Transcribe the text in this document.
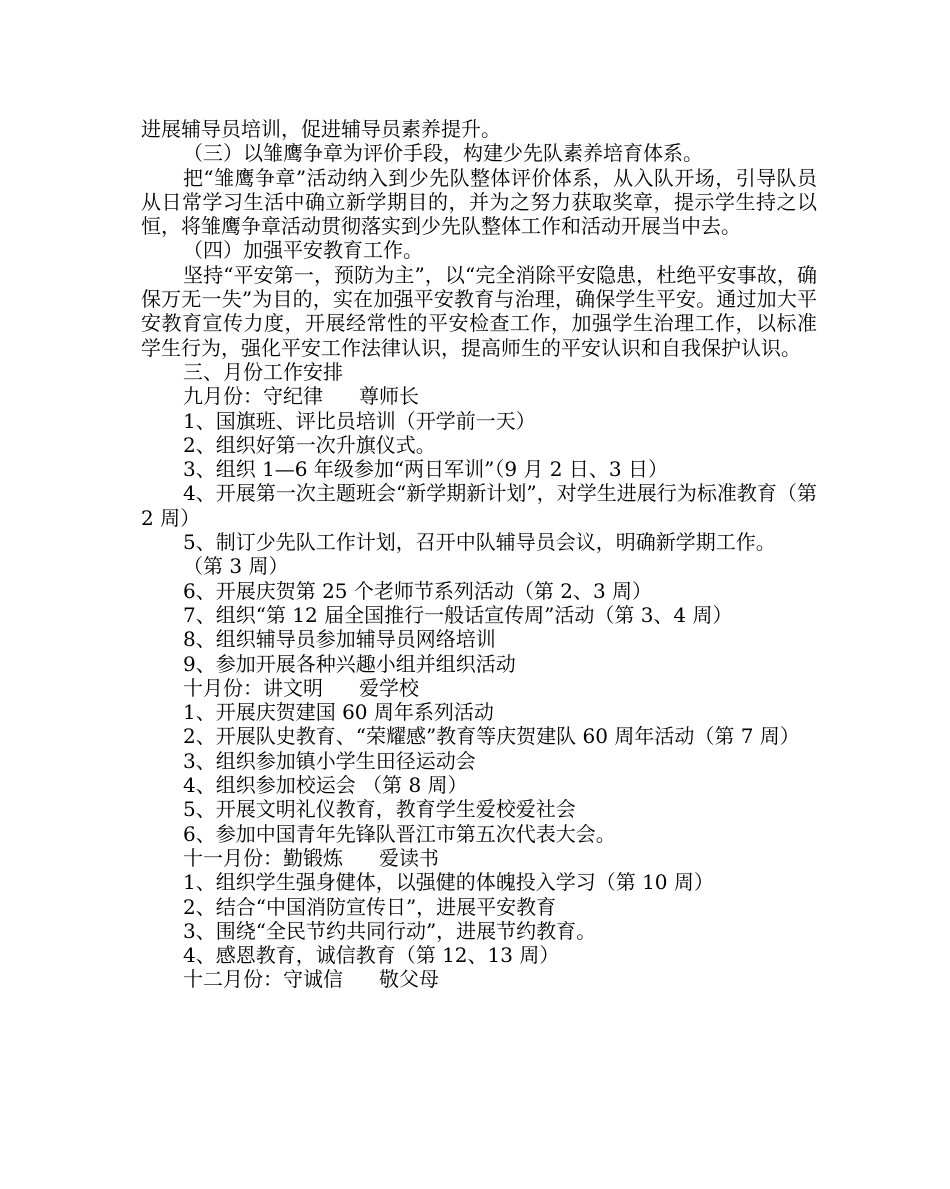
进展辅导员培训，促进辅导员素养提升。

（三）以雏鹰争章为评价手段，构建少先队素养培育体系。

把“雏鹰争章”活动纳入到少先队整体评价体系，从入队开场，引导队员从日常学习生活中确立新学期目的，并为之努力获取奖章，提示学生持之以恒，将雏鹰争章活动贯彻落实到少先队整体工作和活动开展当中去。

（四）加强平安教育工作。

坚持“平安第一，预防为主”，以“完全消除平安隐患，杜绝平安事故，确保万无一失”为目的，实在加强平安教育与治理，确保学生平安。通过加大平安教育宣传力度，开展经常性的平安检查工作，加强学生治理工作，以标准学生行为，强化平安工作法律认识，提高师生的平安认识和自我保护认识。

三、月份工作安排

九月份：守纪律 尊师长

1、国旗班、评比员培训（开学前一天）

2、组织好第一次升旗仪式。

3、组织 1—6 年级参加“两日军训”（9 月 2 日、3 日）

4、开展第一次主题班会“新学期新计划”，对学生进展行为标准教育（第 2 周）

5、制订少先队工作计划，召开中队辅导员会议，明确新学期工作。

（第 3 周）

6、开展庆贺第 25 个老师节系列活动（第 2、3 周）

7、组织“第 12 届全国推行一般话宣传周”活动（第 3、4 周）

8、组织辅导员参加辅导员网络培训

9、参加开展各种兴趣小组并组织活动

十月份：讲文明 爱学校

1、开展庆贺建国 60 周年系列活动

2、开展队史教育、“荣耀感”教育等庆贺建队 60 周年活动（第 7 周）

3、组织参加镇小学生田径运动会

4、组织参加校运会 （第 8 周）

5、开展文明礼仪教育，教育学生爱校爱社会

6、参加中国青年先锋队晋江市第五次代表大会。

十一月份：勤锻炼 爱读书

1、组织学生强身健体，以强健的体魄投入学习（第 10 周）

2、结合“中国消防宣传日”，进展平安教育

3、围绕“全民节约共同行动”，进展节约教育。

4、感恩教育，诚信教育（第 12、13 周）

十二月份：守诚信 敬父母
